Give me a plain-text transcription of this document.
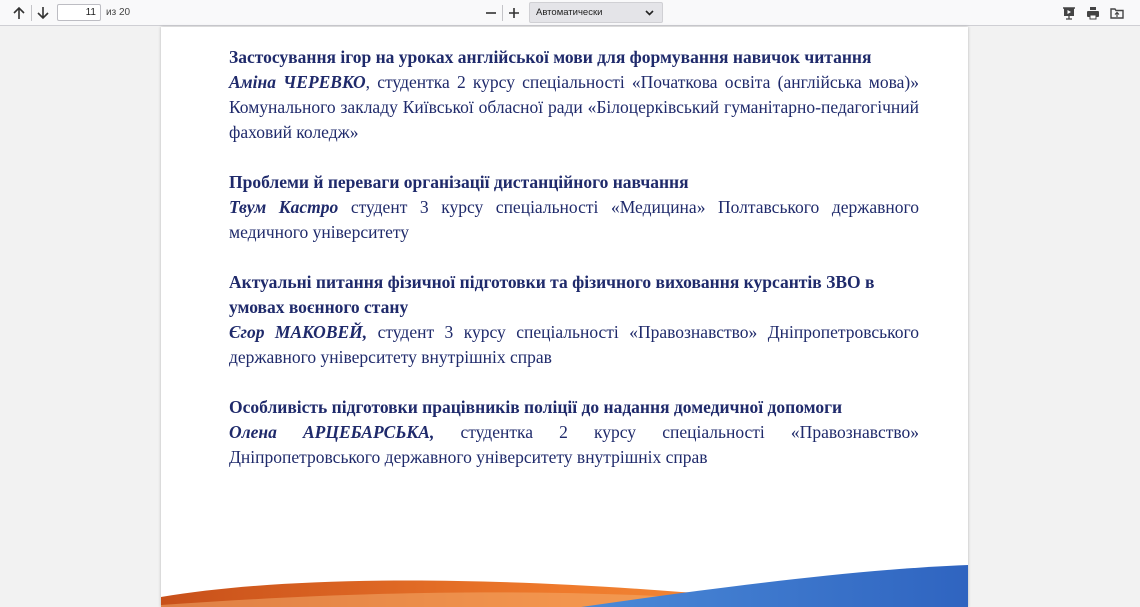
11	из 20	Автоматически
Застосування ігор на уроках англійської мови для формування навичок читання
Аміна ЧЕРЕВКО, студентка 2 курсу спеціальності «Початкова освіта (англійська мова)» Комунального закладу Київської обласної ради «Білоцерківський гуманітарно-педагогічний фаховий коледж»
Проблеми й переваги організації дистанційного навчання
Твум Кастро студент 3 курсу спеціальності «Медицина» Полтавського державного медичного університету
Актуальні питання фізичної підготовки та фізичного виховання курсантів ЗВО в умовах воєнного стану
Єгор МАКОВЕЙ, студент 3 курсу спеціальності «Правознавство» Дніпропетровського державного університету внутрішніх справ
Особливість підготовки працівників поліції до надання домедичної допомоги
Олена АРЦЕБАРСЬКА, студентка 2 курсу спеціальності «Правознавство» Дніпропетровського державного університету внутрішніх справ
